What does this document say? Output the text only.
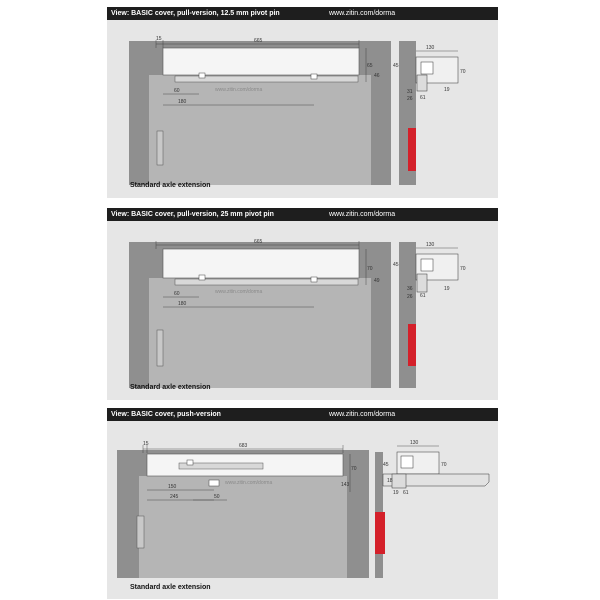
View: BASIC cover, pull-version, 12.5 mm pivot pin	www.zitin.com/dorma
15	665
60
180
65
46
www.zitin.com/dorma
130
70
45
31
26 61
19
Standard axle extension
View: BASIC cover, pull-version, 25 mm pivot pin	www.zitin.com/dorma
665
60
180
70
49
www.zitin.com/dorma
130
70
45
36
26 61
19
Standard axle extension
View: BASIC cover, push-version	www.zitin.com/dorma
15	683
150
245	50
70
143
www.zitin.com/dorma
130
70
45
18
19 61
Standard axle extension
